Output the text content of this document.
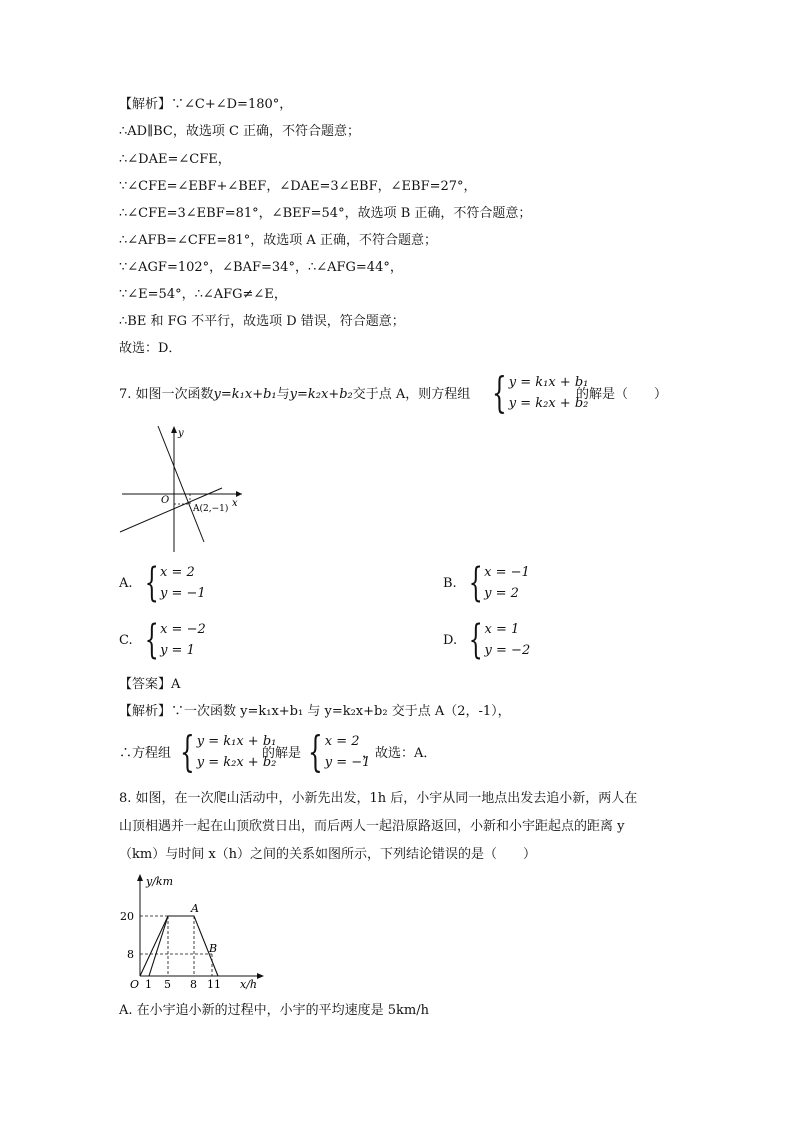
【解析】∵∠C+∠D=180°，
∴AD∥BC，故选项 C 正确，不符合题意；
∴∠DAE=∠CFE，
∵∠CFE=∠EBF+∠BEF，∠DAE=3∠EBF，∠EBF=27°，
∴∠CFE=3∠EBF=81°，∠BEF=54°，故选项 B 正确，不符合题意；
∴∠AFB=∠CFE=81°，故选项 A 正确，不符合题意；
∵∠AGF=102°，∠BAF=34°，∴∠AFG=44°，
∵∠E=54°，∴∠AFG≠∠E，
∴BE 和 FG 不平行，故选项 D 错误，符合题意；
故选：D．
7. 如图一次函数y=k₁x+b₁与y=k₂x+b₂交于点 A，则方程组 { y = k₁x + b₁
y = k₂x + b₂
的解是（　　）
y
x
O
A(2,−1)
A. { x = 2
y = −1
B. { x = −1
y = 2
C. { x = −2
y = 1
D. { x = 1
y = −2
【答案】A
【解析】∵一次函数 y=k₁x+b₁ 与 y=k₂x+b₂ 交于点 A（2，-1），
∴方程组 { y = k₁x + b₁
y = k₂x + b₂
的解是 { x = 2
y = −1
，故选：A．
8. 如图，在一次爬山活动中，小新先出发，1h 后，小宇从同一地点出发去追小新，两人在
山顶相遇并一起在山顶欣赏日出，而后两人一起沿原路返回，小新和小宇距起点的距离 y
（km）与时间 x（h）之间的关系如图所示，下列结论错误的是（　　）
y/km
x/h
20
8
O 1 5 8 11
A
B
A. 在小宇追小新的过程中，小宇的平均速度是 5km/h
